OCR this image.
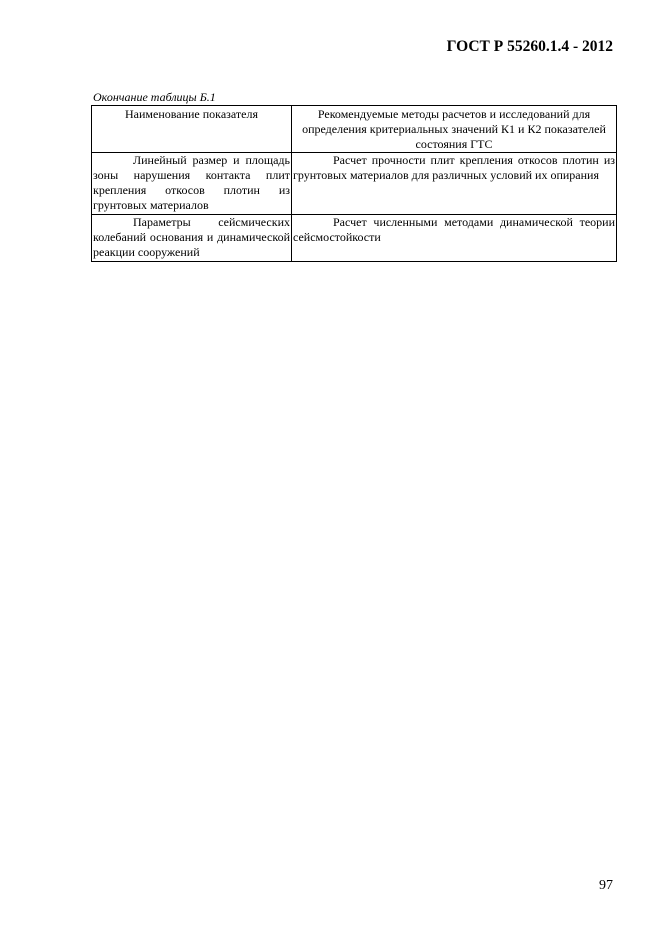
ГОСТ Р 55260.1.4 - 2012
Окончание таблицы Б.1
Наименование показателя	Рекомендуемые методы расчетов и исследований для определения критериальных значений К1 и К2 показателей состояния ГТС
Линейный размер и площадь зоны нарушения контакта плит крепления откосов плотин из грунтовых материалов	Расчет прочности плит крепления откосов плотин из грунтовых материалов для различных условий их опирания
Параметры сейсмических колебаний основания и динамической реакции сооружений	Расчет численными методами динамической теории сейсмостойкости
97
